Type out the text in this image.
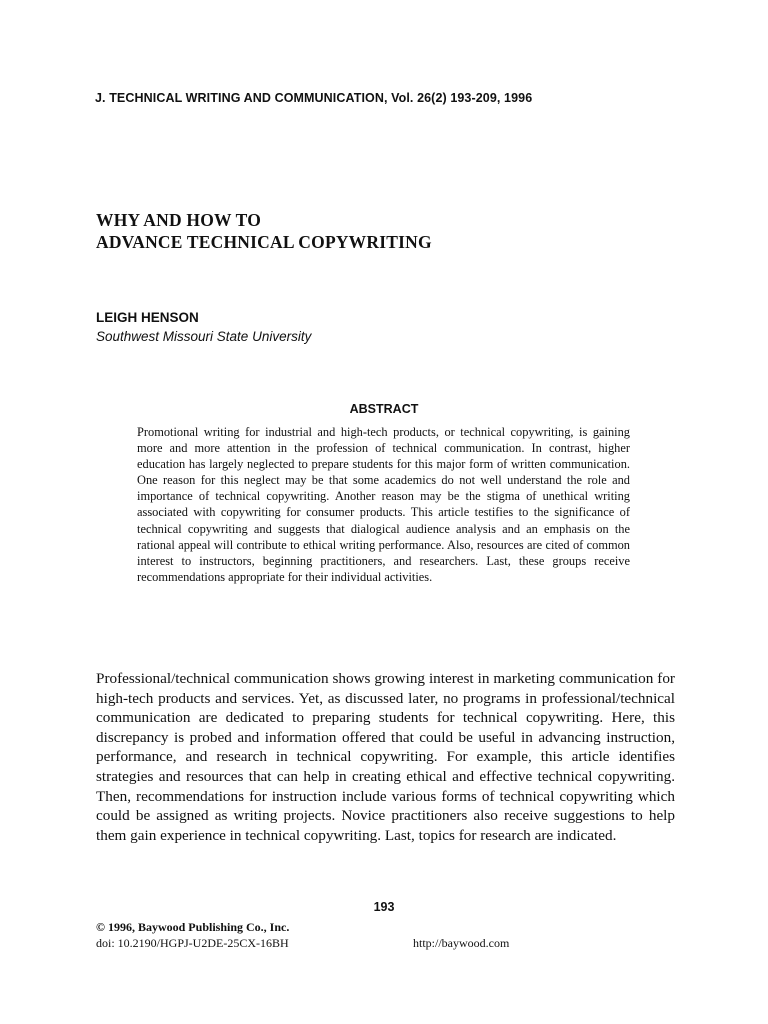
J. TECHNICAL WRITING AND COMMUNICATION, Vol. 26(2) 193-209, 1996
WHY AND HOW TO
ADVANCE TECHNICAL COPYWRITING
LEIGH HENSON
Southwest Missouri State University
ABSTRACT
Promotional writing for industrial and high-tech products, or technical copywriting, is gaining more and more attention in the profession of technical communication. In contrast, higher education has largely neglected to prepare students for this major form of written communication. One reason for this neglect may be that some academics do not well understand the role and importance of technical copywriting. Another reason may be the stigma of unethical writing associated with copywriting for consumer products. This article testifies to the significance of technical copywriting and suggests that dialogical audience analysis and an emphasis on the rational appeal will contribute to ethical writing performance. Also, resources are cited of common interest to instructors, beginning practitioners, and researchers. Last, these groups receive recommendations appropriate for their individual activities.
Professional/technical communication shows growing interest in marketing communication for high-tech products and services. Yet, as discussed later, no programs in professional/technical communication are dedicated to preparing students for technical copywriting. Here, this discrepancy is probed and information offered that could be useful in advancing instruction, performance, and research in technical copywriting. For example, this article identifies strategies and resources that can help in creating ethical and effective technical copywriting. Then, recommendations for instruction include various forms of technical copywriting which could be assigned as writing projects. Novice practitioners also receive suggestions to help them gain experience in technical copywriting. Last, topics for research are indicated.
193
© 1996, Baywood Publishing Co., Inc.
doi: 10.2190/HGPJ-U2DE-25CX-16BH	http://baywood.com
